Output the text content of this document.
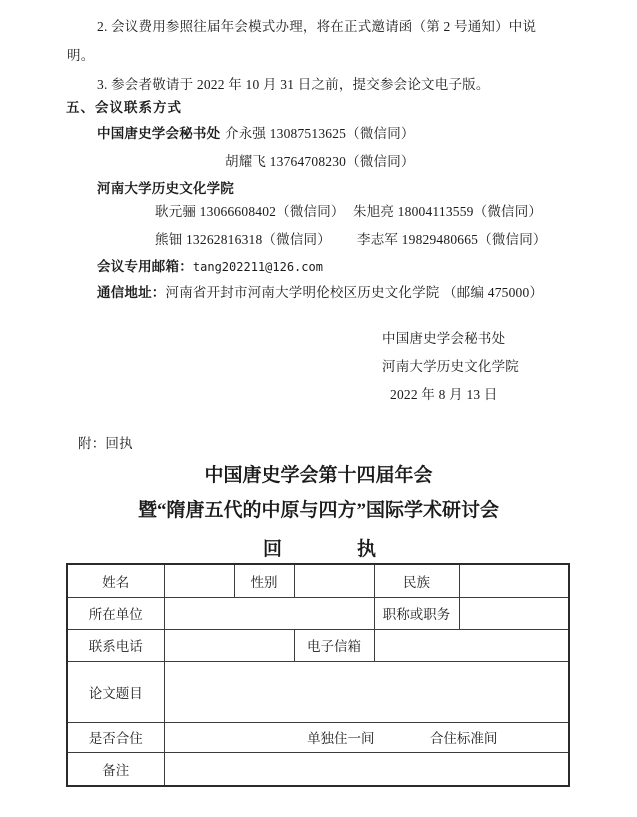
2. 会议费用参照往届年会模式办理，将在正式邀请函（第 2 号通知）中说
明。
3. 参会者敬请于 2022 年 10 月 31 日之前，提交参会论文电子版。
五、会议联系方式
中国唐史学会秘书处 介永强 13087513625（微信同）
胡耀飞 13764708230（微信同）
河南大学历史文化学院
耿元骊 13066608402（微信同） 朱旭亮 18004113559（微信同）
熊钿 13262816318（微信同） 李志军 19829480665（微信同）
会议专用邮箱：tang202211@126.com
通信地址：河南省开封市河南大学明伦校区历史文化学院 （邮编 475000）
中国唐史学会秘书处
河南大学历史文化学院
2022 年 8 月 13 日
附：回执
中国唐史学会第十四届年会
暨“隋唐五代的中原与四方”国际学术研讨会
回执
姓名		性别		民族	
所在单位				职称或职务	
联系电话			电子信箱		
论文题目					
是否合住	单独住一间 合住标准间				
备注					
